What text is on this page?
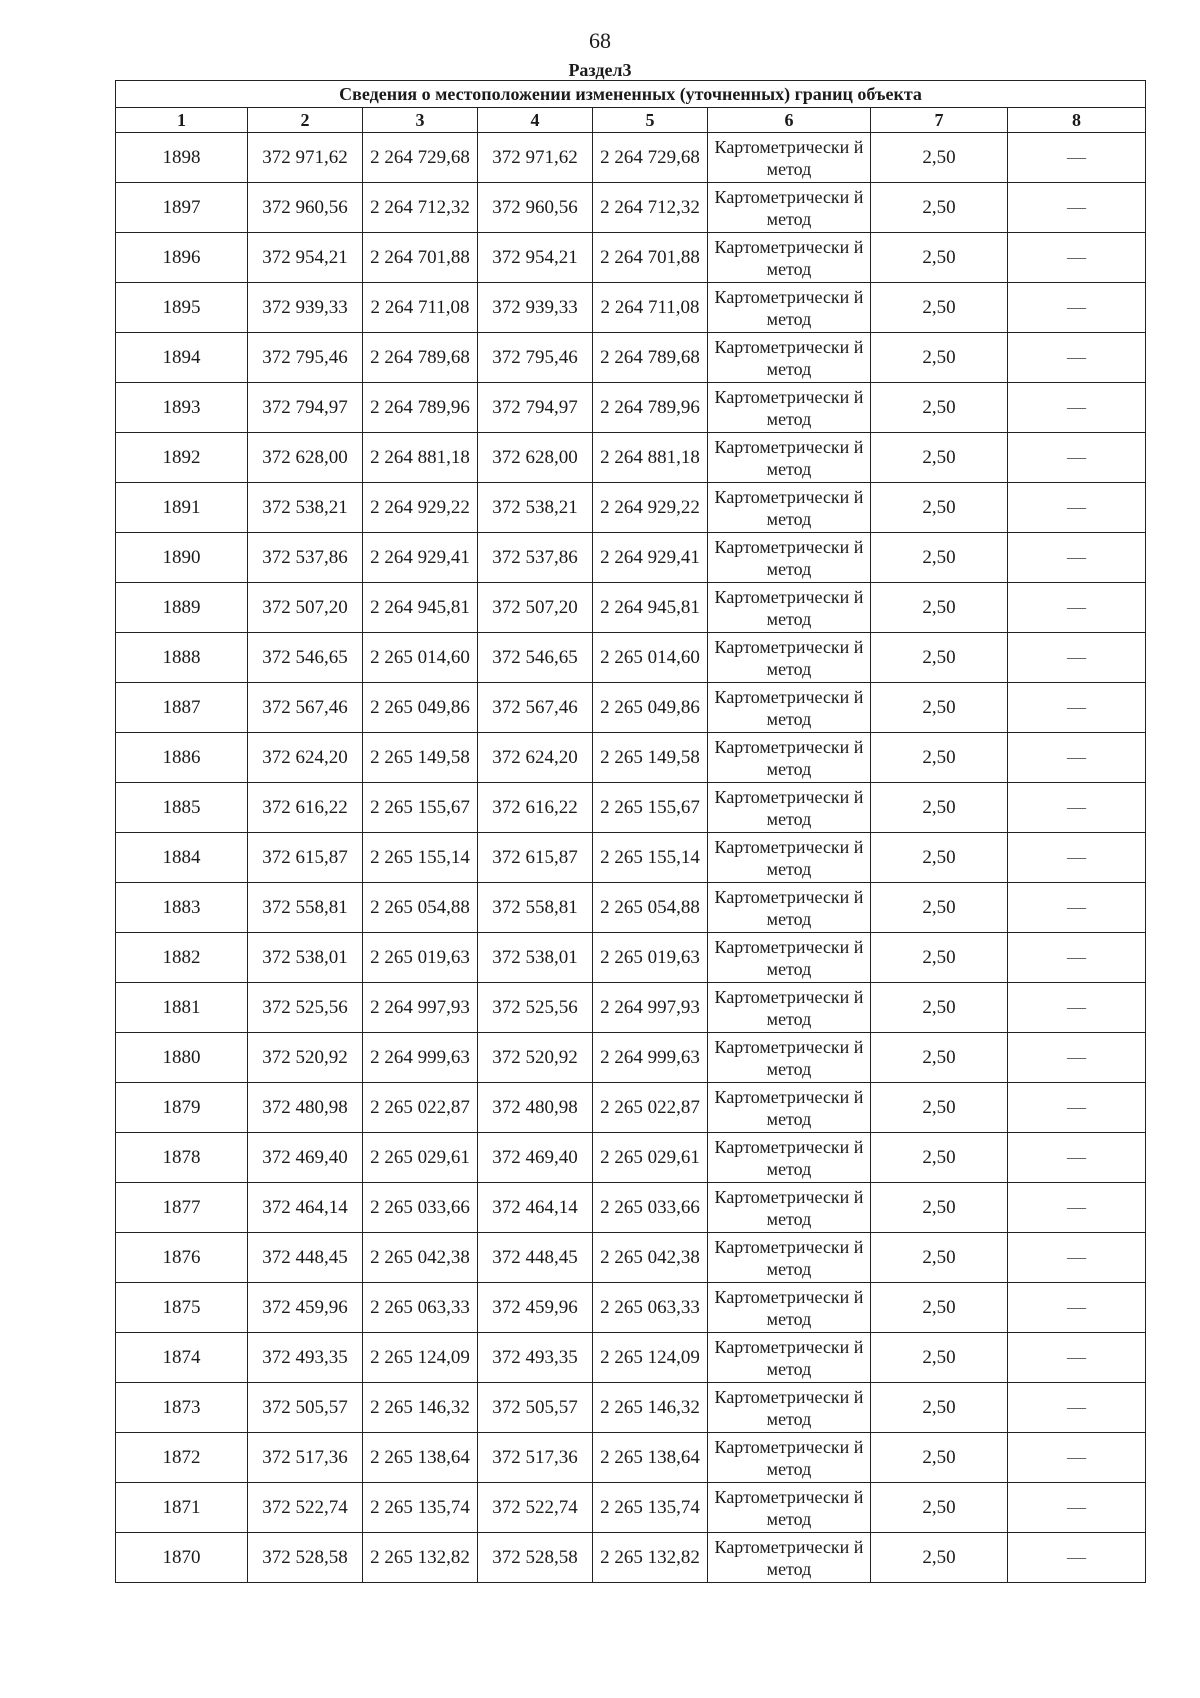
68
Раздел3
Сведения о местоположении измененных (уточненных) границ объекта							
1	2	3	4	5	6	7	8
1898	372 971,62	2 264 729,68	372 971,62	2 264 729,68	Картометрически й метод	2,50	—
1897	372 960,56	2 264 712,32	372 960,56	2 264 712,32	Картометрически й метод	2,50	—
1896	372 954,21	2 264 701,88	372 954,21	2 264 701,88	Картометрически й метод	2,50	—
1895	372 939,33	2 264 711,08	372 939,33	2 264 711,08	Картометрически й метод	2,50	—
1894	372 795,46	2 264 789,68	372 795,46	2 264 789,68	Картометрически й метод	2,50	—
1893	372 794,97	2 264 789,96	372 794,97	2 264 789,96	Картометрически й метод	2,50	—
1892	372 628,00	2 264 881,18	372 628,00	2 264 881,18	Картометрически й метод	2,50	—
1891	372 538,21	2 264 929,22	372 538,21	2 264 929,22	Картометрически й метод	2,50	—
1890	372 537,86	2 264 929,41	372 537,86	2 264 929,41	Картометрически й метод	2,50	—
1889	372 507,20	2 264 945,81	372 507,20	2 264 945,81	Картометрически й метод	2,50	—
1888	372 546,65	2 265 014,60	372 546,65	2 265 014,60	Картометрически й метод	2,50	—
1887	372 567,46	2 265 049,86	372 567,46	2 265 049,86	Картометрически й метод	2,50	—
1886	372 624,20	2 265 149,58	372 624,20	2 265 149,58	Картометрически й метод	2,50	—
1885	372 616,22	2 265 155,67	372 616,22	2 265 155,67	Картометрически й метод	2,50	—
1884	372 615,87	2 265 155,14	372 615,87	2 265 155,14	Картометрически й метод	2,50	—
1883	372 558,81	2 265 054,88	372 558,81	2 265 054,88	Картометрически й метод	2,50	—
1882	372 538,01	2 265 019,63	372 538,01	2 265 019,63	Картометрически й метод	2,50	—
1881	372 525,56	2 264 997,93	372 525,56	2 264 997,93	Картометрически й метод	2,50	—
1880	372 520,92	2 264 999,63	372 520,92	2 264 999,63	Картометрически й метод	2,50	—
1879	372 480,98	2 265 022,87	372 480,98	2 265 022,87	Картометрически й метод	2,50	—
1878	372 469,40	2 265 029,61	372 469,40	2 265 029,61	Картометрически й метод	2,50	—
1877	372 464,14	2 265 033,66	372 464,14	2 265 033,66	Картометрически й метод	2,50	—
1876	372 448,45	2 265 042,38	372 448,45	2 265 042,38	Картометрически й метод	2,50	—
1875	372 459,96	2 265 063,33	372 459,96	2 265 063,33	Картометрически й метод	2,50	—
1874	372 493,35	2 265 124,09	372 493,35	2 265 124,09	Картометрически й метод	2,50	—
1873	372 505,57	2 265 146,32	372 505,57	2 265 146,32	Картометрически й метод	2,50	—
1872	372 517,36	2 265 138,64	372 517,36	2 265 138,64	Картометрически й метод	2,50	—
1871	372 522,74	2 265 135,74	372 522,74	2 265 135,74	Картометрически й метод	2,50	—
1870	372 528,58	2 265 132,82	372 528,58	2 265 132,82	Картометрически й метод	2,50	—
